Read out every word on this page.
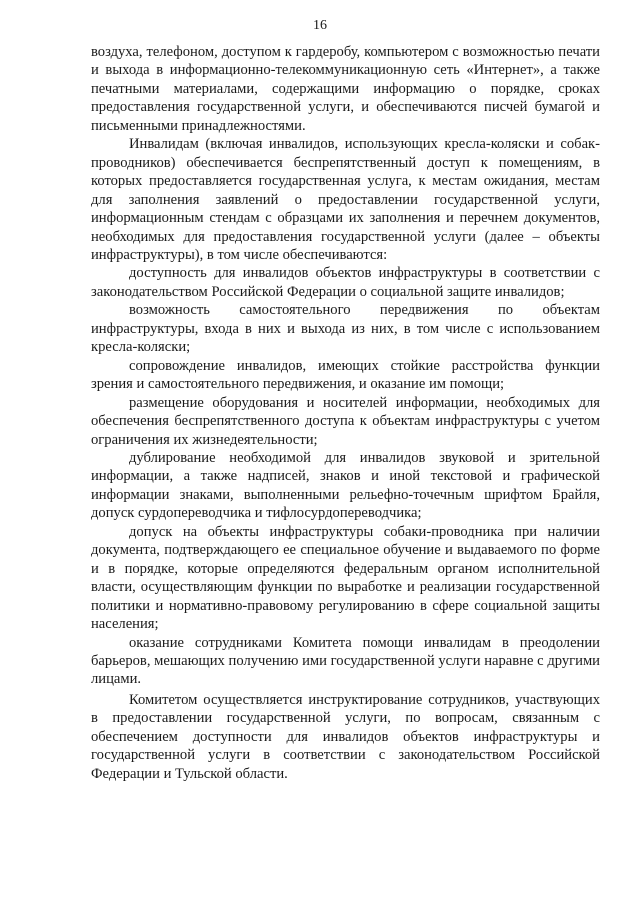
16

воздуха, телефоном, доступом к гардеробу, компьютером с возможностью печати и выхода в информационно-телекоммуникационную сеть «Интернет», а также печатными материалами, содержащими информацию о порядке, сроках предоставления государственной услуги, и обеспечиваются писчей бумагой и письменными принадлежностями.

Инвалидам (включая инвалидов, использующих кресла-коляски и собак-проводников) обеспечивается беспрепятственный доступ к помещениям, в которых предоставляется государственная услуга, к местам ожидания, местам для заполнения заявлений о предоставлении государственной услуги, информационным стендам с образцами их заполнения и перечнем документов, необходимых для предоставления государственной услуги (далее – объекты инфраструктуры), в том числе обеспечиваются:

доступность для инвалидов объектов инфраструктуры в соответствии с законодательством Российской Федерации о социальной защите инвалидов;

возможность самостоятельного передвижения по объектам инфраструктуры, входа в них и выхода из них, в том числе с использованием кресла-коляски;

сопровождение инвалидов, имеющих стойкие расстройства функции зрения и самостоятельного передвижения, и оказание им помощи;

размещение оборудования и носителей информации, необходимых для обеспечения беспрепятственного доступа к объектам инфраструктуры с учетом ограничения их жизнедеятельности;

дублирование необходимой для инвалидов звуковой и зрительной информации, а также надписей, знаков и иной текстовой и графической информации знаками, выполненными рельефно-точечным шрифтом Брайля, допуск сурдопереводчика и тифлосурдопереводчика;

допуск на объекты инфраструктуры собаки-проводника при наличии документа, подтверждающего ее специальное обучение и выдаваемого по форме и в порядке, которые определяются федеральным органом исполнительной власти, осуществляющим функции по выработке и реализации государственной политики и нормативно-правовому регулированию в сфере социальной защиты населения;

оказание сотрудниками Комитета помощи инвалидам в преодолении барьеров, мешающих получению ими государственной услуги наравне с другими лицами.

Комитетом осуществляется инструктирование сотрудников, участвующих в предоставлении государственной услуги, по вопросам, связанным с обеспечением доступности для инвалидов объектов инфраструктуры и государственной услуги в соответствии с законодательством Российской Федерации и Тульской области.
